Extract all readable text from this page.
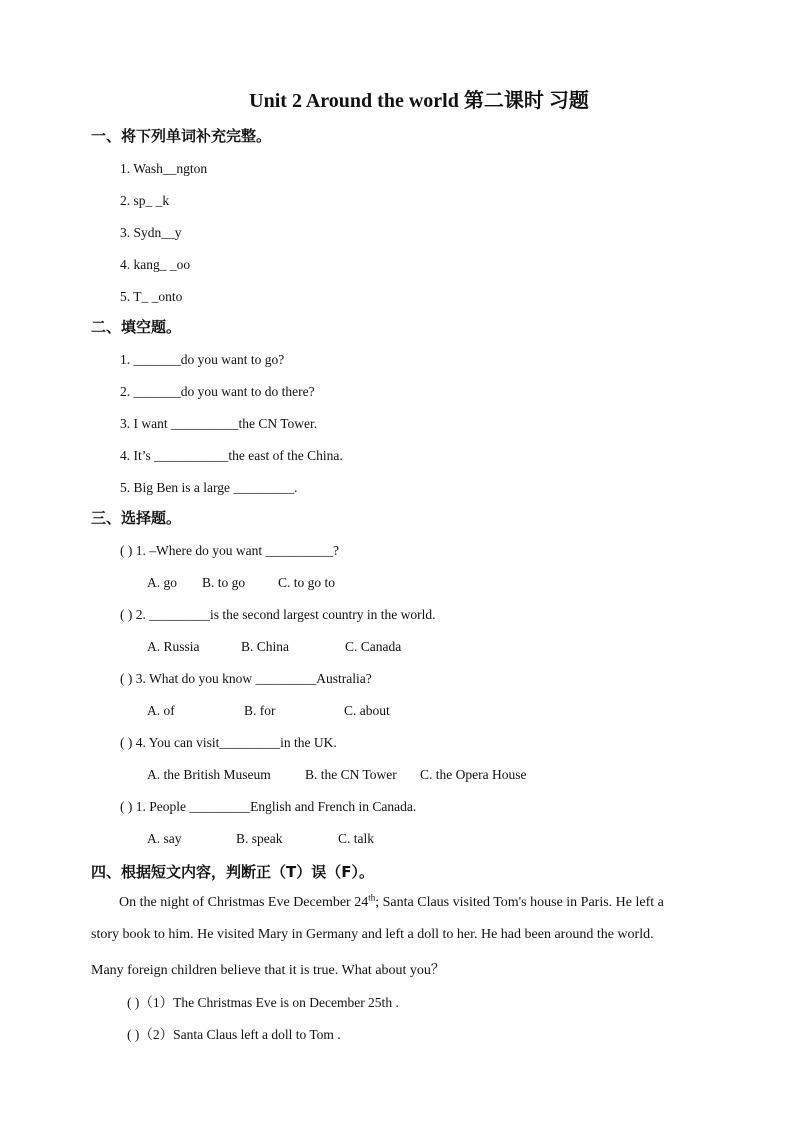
Unit 2 Around the world 第二课时 习题
一、将下列单词补充完整。
1. Wash__ngton
2. sp_ _k
3. Sydn__y
4. kang_ _oo
5. T_ _onto
二、填空题。
1. _______do you want to go?
2. _______do you want to do there?
3. I want __________the CN Tower.
4. It’s ___________the east of the China.
5. Big Ben is a large _________.
三、选择题。
( ) 1. –Where do you want __________?
A. go B. to go C. to go to
( ) 2. _________is the second largest country in the world.
A. Russia	B. China	C. Canada
( ) 3. What do you know _________Australia?
A. of	B. for	C. about
( ) 4. You can visit_________in the UK.
A. the British Museum	B. the CN Tower C. the Opera House
( ) 1. People _________English and French in Canada.
A. say	B. speak	C. talk
四、根据短文内容，判断正（T）误（F）。
On the night of Christmas Eve December 24th; Santa Claus visited Tom's house in Paris. He left a
story book to him. He visited Mary in Germany and left a doll to her. He had been around the world.
Many foreign children believe that it is true. What about you？
( )（1）The Christmas Eve is on December 25th .
( )（2）Santa Claus left a doll to Tom .
